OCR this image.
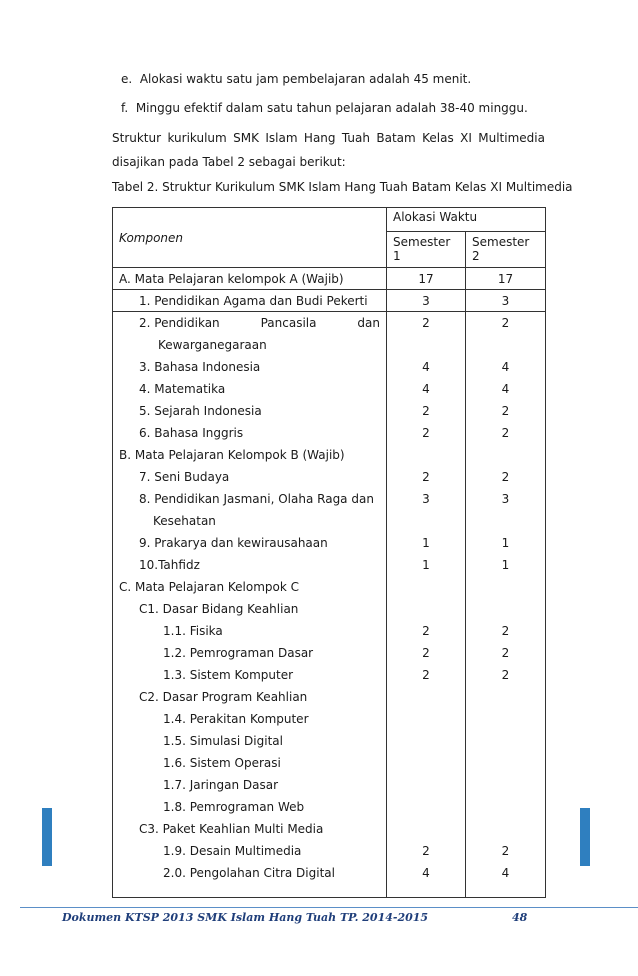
e. Alokasi waktu satu jam pembelajaran adalah 45 menit.
f. Minggu efektif dalam satu tahun pelajaran adalah 38-40 minggu.
Struktur kurikulum SMK Islam Hang Tuah Batam Kelas XI Multimedia
disajikan pada Tabel 2 sebagai berikut:
Tabel 2. Struktur Kurikulum SMK Islam Hang Tuah Batam Kelas XI Multimedia
Komponen	Alokasi Waktu	
	Semester 1	Semester 2
A. Mata Pelajaran kelompok A (Wajib)	17	17
1. Pendidikan Agama dan Budi Pekerti	3	3

2. Pendidikan Pancasila dan	2	2
Kewarganegaraan		
3. Bahasa Indonesia	4	4
4. Matematika	4	4
5. Sejarah Indonesia	2	2
6. Bahasa Inggris	2	2
B. Mata Pelajaran Kelompok B (Wajib)		
7. Seni Budaya	2	2
8. Pendidikan Jasmani, Olaha Raga dan	3	3
Kesehatan		
9. Prakarya dan kewirausahaan	1	1
10.Tahfidz	1	1
C. Mata Pelajaran Kelompok C		
C1. Dasar Bidang Keahlian		
1.1. Fisika	2	2
1.2. Pemrograman Dasar	2	2
1.3. Sistem Komputer	2	2
C2. Dasar Program Keahlian		
1.4. Perakitan Komputer		
1.5. Simulasi Digital		
1.6. Sistem Operasi		
1.7. Jaringan Dasar		
1.8. Pemrograman Web		
C3. Paket Keahlian Multi Media		
1.9. Desain Multimedia	2	2
2.0. Pengolahan Citra Digital	4	4

Dokumen KTSP 2013 SMK Islam Hang Tuah TP. 2014-2015	48
